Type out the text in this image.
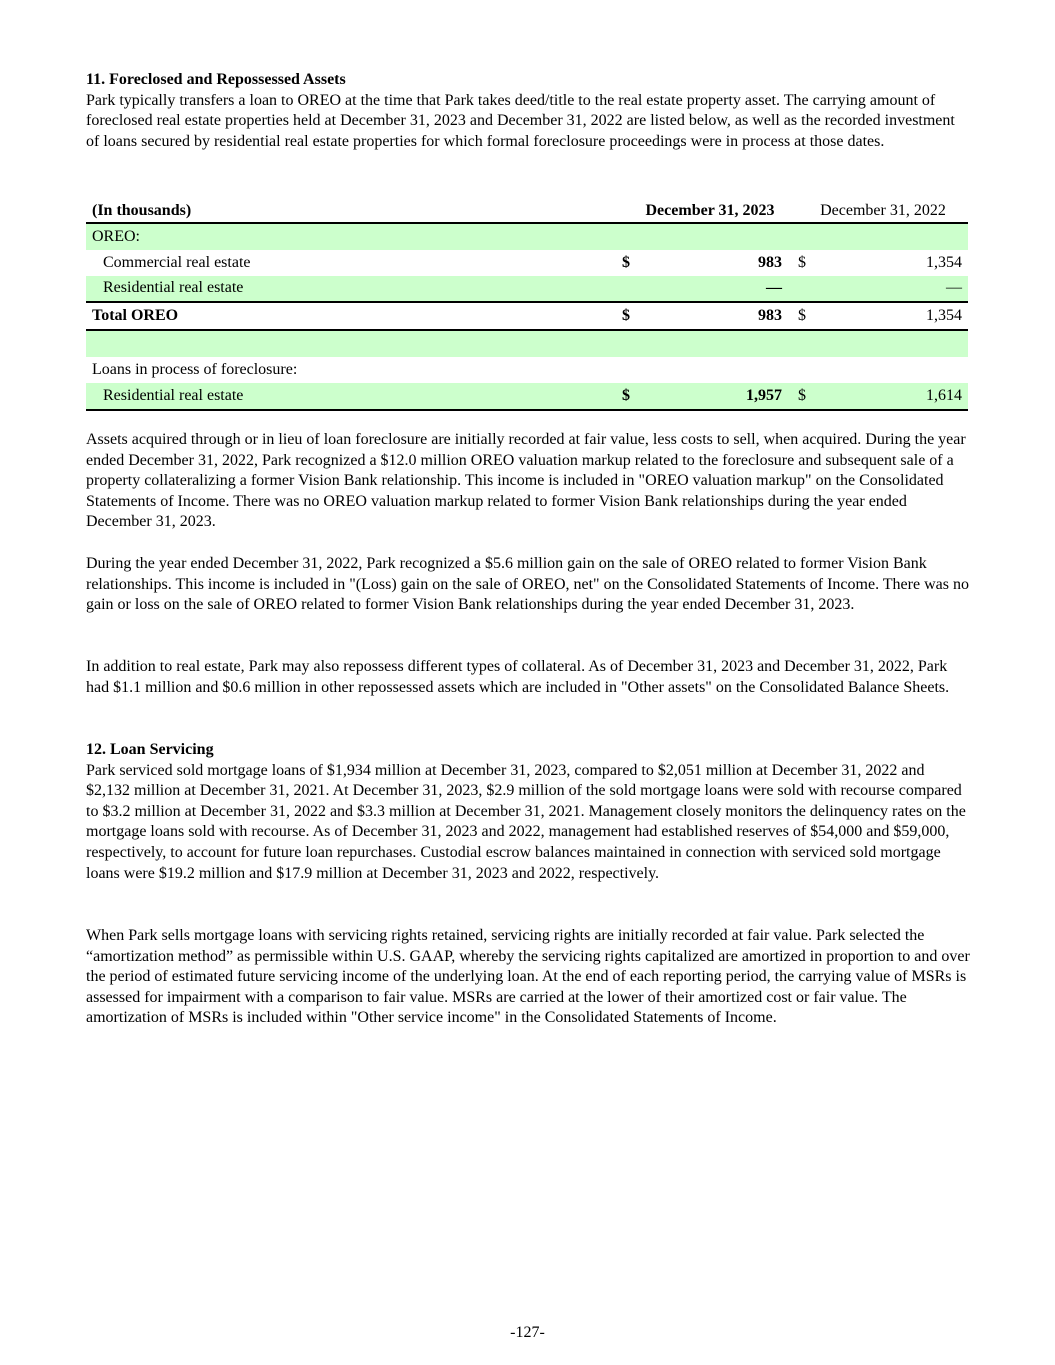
11. Foreclosed and Repossessed Assets

Park typically transfers a loan to OREO at the time that Park takes deed/title to the real estate property asset. The carrying amount of foreclosed real estate properties held at December 31, 2023 and December 31, 2022 are listed below, as well as the recorded investment of loans secured by residential real estate properties for which formal foreclosure proceedings were in process at those dates.

(In thousands)	December 31, 2023		December 31, 2022	
OREO:				
Commercial real estate	$	983	$	1,354
Residential real estate		—		—
Total OREO	$	983	$	1,354

Loans in process of foreclosure:				
Residential real estate	$	1,957	$	1,614
Assets acquired through or in lieu of loan foreclosure are initially recorded at fair value, less costs to sell, when acquired. During the year ended December 31, 2022, Park recognized a $12.0 million OREO valuation markup related to the foreclosure and subsequent sale of a property collateralizing a former Vision Bank relationship. This income is included in "OREO valuation markup" on the Consolidated Statements of Income. There was no OREO valuation markup related to former Vision Bank relationships during the year ended December 31, 2023.
During the year ended December 31, 2022, Park recognized a $5.6 million gain on the sale of OREO related to former Vision Bank relationships. This income is included in "(Loss) gain on the sale of OREO, net" on the Consolidated Statements of Income. There was no gain or loss on the sale of OREO related to former Vision Bank relationships during the year ended December 31, 2023.
In addition to real estate, Park may also repossess different types of collateral. As of December 31, 2023 and December 31, 2022, Park had $1.1 million and $0.6 million in other repossessed assets which are included in "Other assets" on the Consolidated Balance Sheets.
12. Loan Servicing

Park serviced sold mortgage loans of $1,934 million at December 31, 2023, compared to $2,051 million at December 31, 2022 and $2,132 million at December 31, 2021. At December 31, 2023, $2.9 million of the sold mortgage loans were sold with recourse compared to $3.2 million at December 31, 2022 and $3.3 million at December 31, 2021. Management closely monitors the delinquency rates on the mortgage loans sold with recourse. As of December 31, 2023 and 2022, management had established reserves of $54,000 and $59,000, respectively, to account for future loan repurchases. Custodial escrow balances maintained in connection with serviced sold mortgage loans were $19.2 million and $17.9 million at December 31, 2023 and 2022, respectively.

When Park sells mortgage loans with servicing rights retained, servicing rights are initially recorded at fair value. Park selected the “amortization method” as permissible within U.S. GAAP, whereby the servicing rights capitalized are amortized in proportion to and over the period of estimated future servicing income of the underlying loan. At the end of each reporting period, the carrying value of MSRs is assessed for impairment with a comparison to fair value. MSRs are carried at the lower of their amortized cost or fair value. The amortization of MSRs is included within "Other service income" in the Consolidated Statements of Income.
-127-
